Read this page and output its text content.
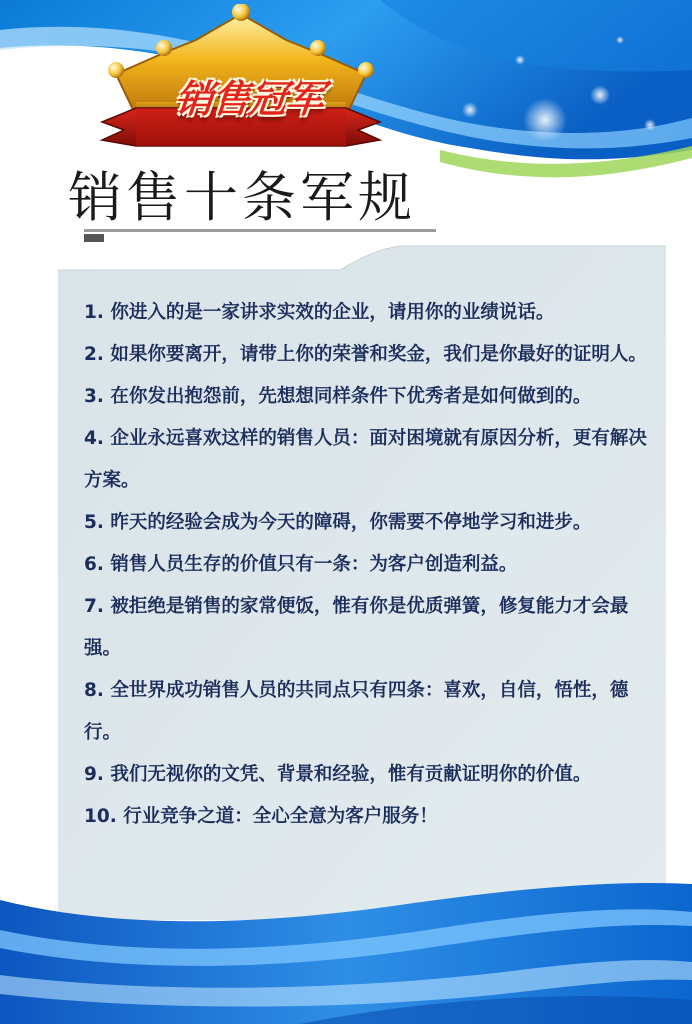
销售冠军
销售十条军规
1. 你进入的是一家讲求实效的企业，请用你的业绩说话。
2. 如果你要离开，请带上你的荣誉和奖金，我们是你最好的证明人。
3. 在你发出抱怨前，先想想同样条件下优秀者是如何做到的。
4. 企业永远喜欢这样的销售人员：面对困境就有原因分析，更有解决方案。
5. 昨天的经验会成为今天的障碍，你需要不停地学习和进步。
6. 销售人员生存的价值只有一条：为客户创造利益。
7. 被拒绝是销售的家常便饭，惟有你是优质弹簧，修复能力才会最强。
8. 全世界成功销售人员的共同点只有四条：喜欢，自信，悟性，德行。
9. 我们无视你的文凭、背景和经验，惟有贡献证明你的价值。
10. 行业竞争之道：全心全意为客户服务！
